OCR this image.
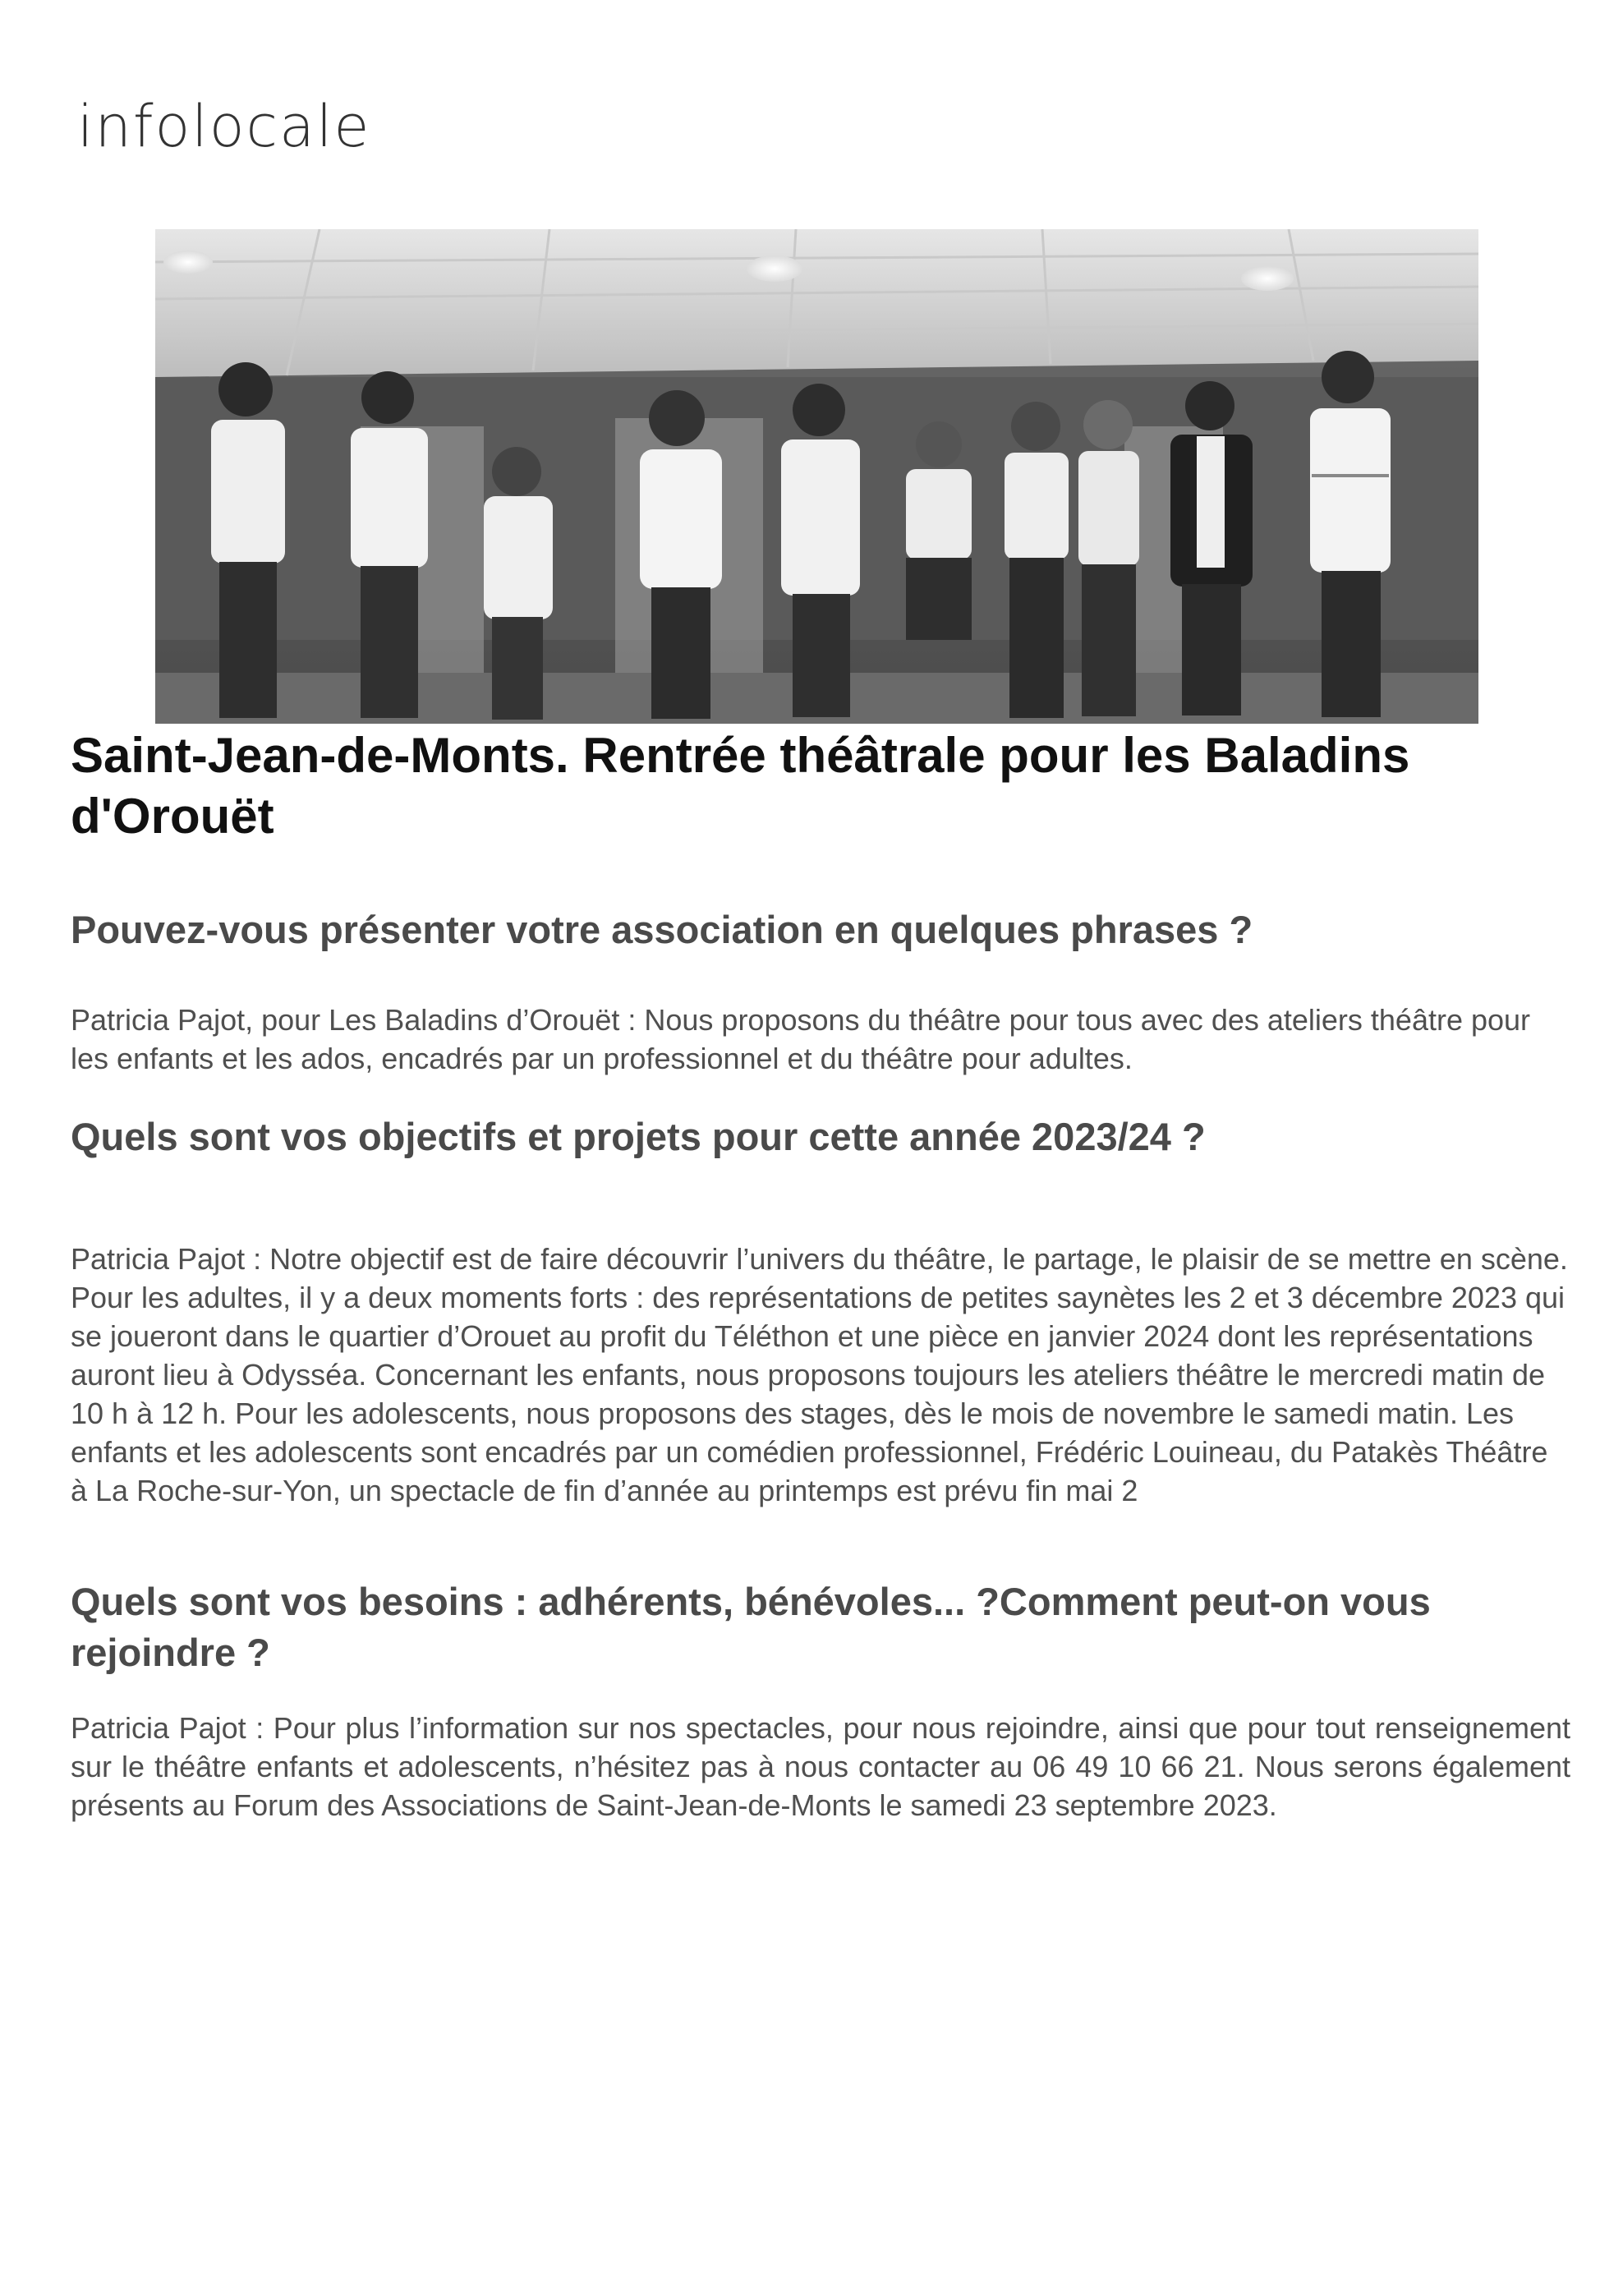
infolocale
Saint-Jean-de-Monts. Rentrée théâtrale pour les Baladins d'Orouët
Pouvez-vous présenter votre association en quelques phrases ?

Patricia Pajot, pour Les Baladins d’Orouët : Nous proposons du théâtre pour tous avec des ateliers théâtre pour les enfants et les ados, encadrés par un professionnel et du théâtre pour adultes.

Quels sont vos objectifs et projets pour cette année 2023/24 ?

Patricia Pajot : Notre objectif est de faire découvrir l’univers du théâtre, le partage, le plaisir de se mettre en scène. Pour les adultes, il y a deux moments forts : des représentations de petites saynètes les 2 et 3 décembre 2023 qui se joueront dans le quartier d’Orouet au profit du Téléthon et une pièce en janvier 2024 dont les représentations auront lieu à Odysséa. Concernant les enfants, nous proposons toujours les ateliers théâtre le mercredi matin de 10 h à 12 h. Pour les adolescents, nous proposons des stages, dès le mois de novembre le samedi matin. Les enfants et les adolescents sont encadrés par un comédien professionnel, Frédéric Louineau, du Patakès Théâtre à La Roche-sur-Yon, un spectacle de fin d’année au printemps est prévu fin mai 2

Quels sont vos besoins : adhérents, bénévoles... ?Comment peut-on vous rejoindre ?

Patricia Pajot : Pour plus l’information sur nos spectacles, pour nous rejoindre, ainsi que pour tout renseignement sur le théâtre enfants et adolescents, n’hésitez pas à nous contacter au 06 49 10 66 21. Nous serons également présents au Forum des Associations de Saint-Jean-de-Monts le samedi 23 septembre 2023.
